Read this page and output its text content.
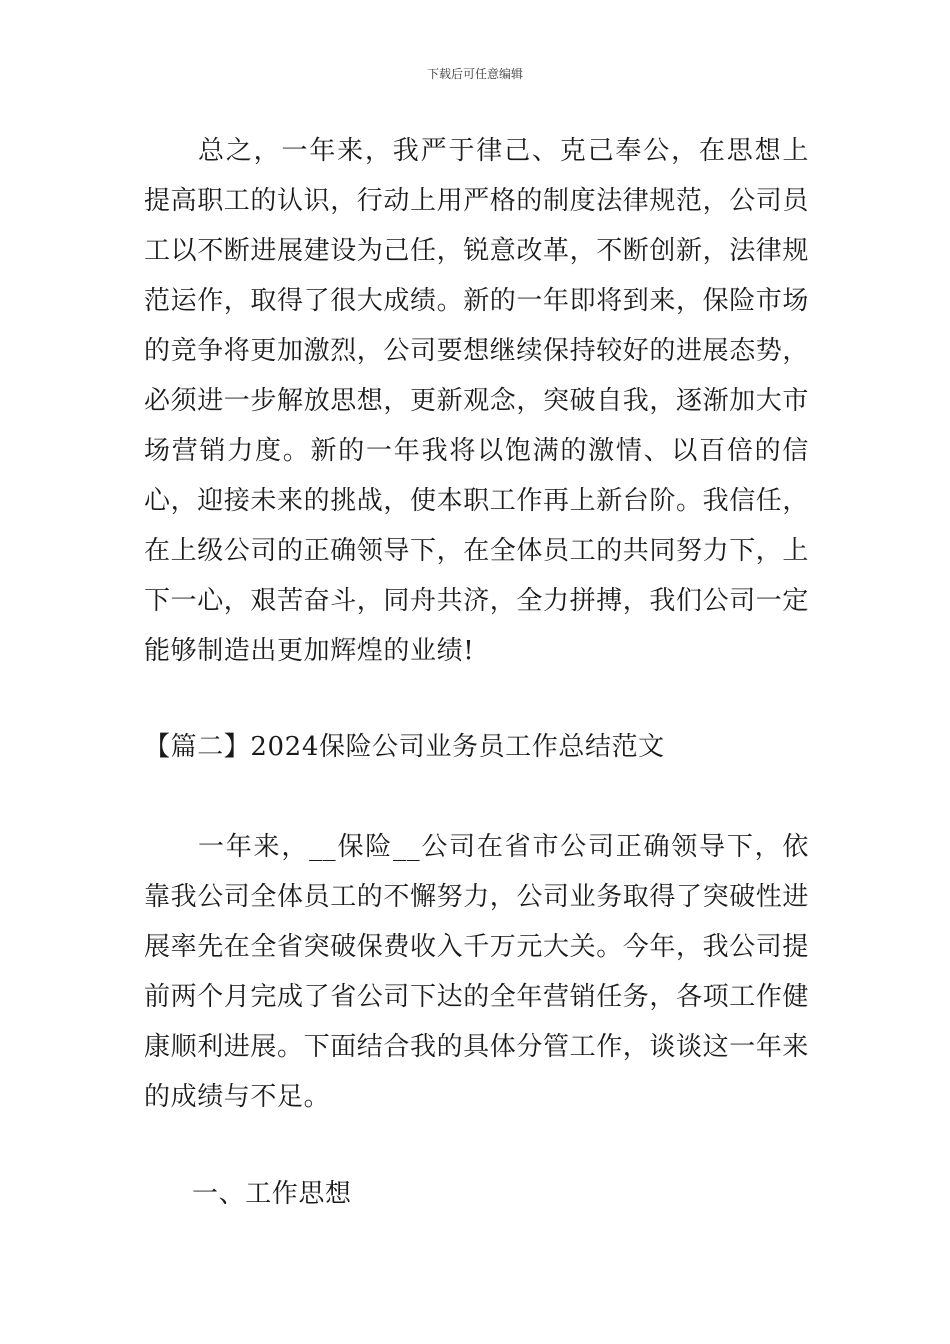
下载后可任意编辑
总之，一年来，我严于律己、克己奉公，在思想上提高职工的认识，行动上用严格的制度法律规范，公司员工以不断进展建设为己任，锐意改革，不断创新，法律规范运作，取得了很大成绩。新的一年即将到来，保险市场的竞争将更加激烈，公司要想继续保持较好的进展态势，必须进一步解放思想，更新观念，突破自我，逐渐加大市场营销力度。新的一年我将以饱满的激情、以百倍的信心，迎接未来的挑战，使本职工作再上新台阶。我信任，在上级公司的正确领导下，在全体员工的共同努力下，上下一心，艰苦奋斗，同舟共济，全力拼搏，我们公司一定能够制造出更加辉煌的业绩!
【篇二】2024保险公司业务员工作总结范文
一年来，__保险__公司在省市公司正确领导下，依靠我公司全体员工的不懈努力，公司业务取得了突破性进展率先在全省突破保费收入千万元大关。今年，我公司提前两个月完成了省公司下达的全年营销任务，各项工作健康顺利进展。下面结合我的具体分管工作，谈谈这一年来的成绩与不足。
一、工作思想
